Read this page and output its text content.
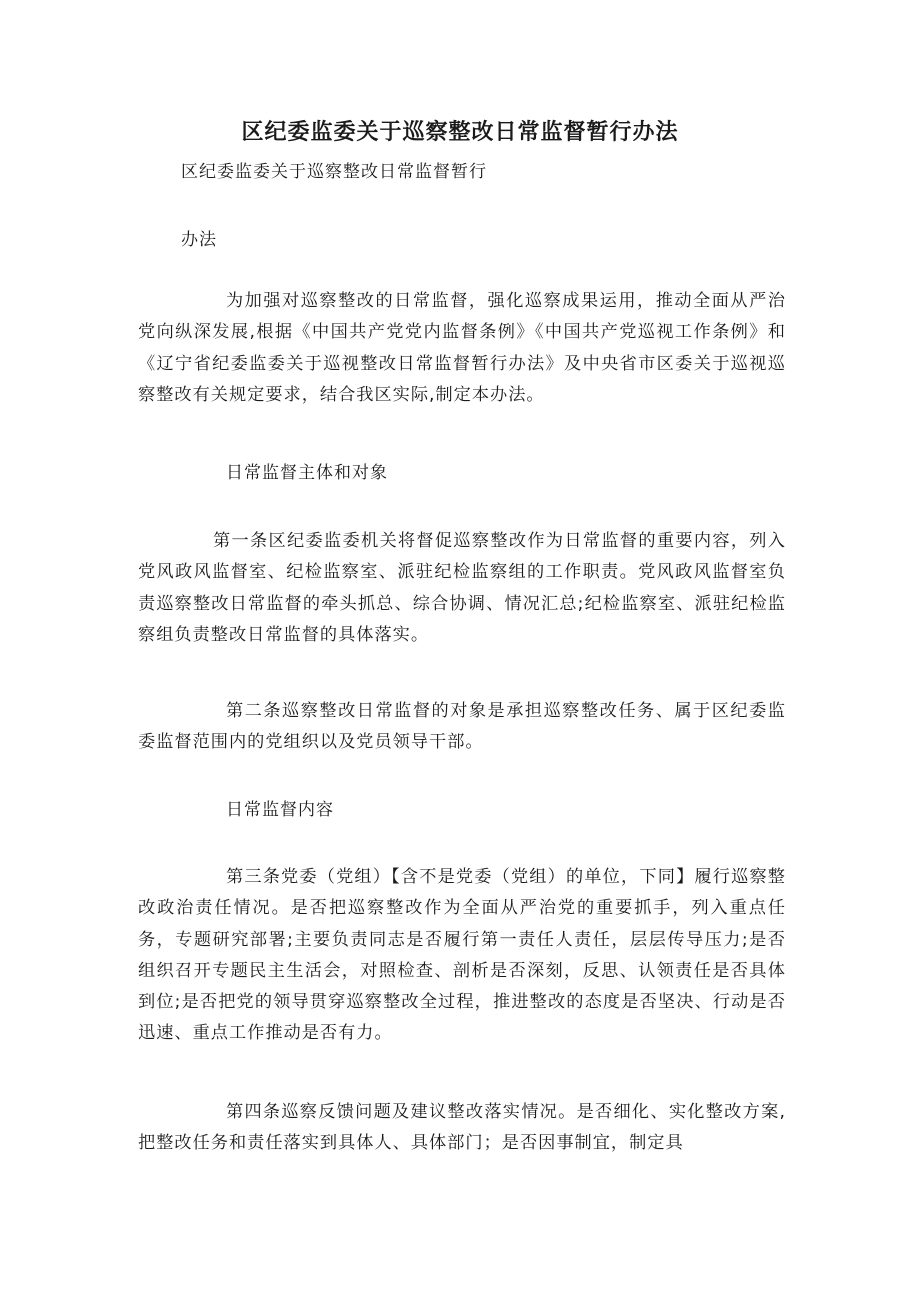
区纪委监委关于巡察整改日常监督暂行办法
区纪委监委关于巡察整改日常监督暂行
办法
为加强对巡察整改的日常监督，强化巡察成果运用，推动全面从严治党向纵深发展,根据《中国共产党党内监督条例》《中国共产党巡视工作条例》和《辽宁省纪委监委关于巡视整改日常监督暂行办法》及中央省市区委关于巡视巡察整改有关规定要求，结合我区实际,制定本办法。
日常监督主体和对象
第一条区纪委监委机关将督促巡察整改作为日常监督的重要内容，列入党风政风监督室、纪检监察室、派驻纪检监察组的工作职责。党风政风监督室负责巡察整改日常监督的牵头抓总、综合协调、情况汇总;纪检监察室、派驻纪检监察组负责整改日常监督的具体落实。
第二条巡察整改日常监督的对象是承担巡察整改任务、属于区纪委监委监督范围内的党组织以及党员领导干部。
日常监督内容
第三条党委（党组）【含不是党委（党组）的单位，下同】履行巡察整改政治责任情况。是否把巡察整改作为全面从严治党的重要抓手，列入重点任务，专题研究部署;主要负责同志是否履行第一责任人责任，层层传导压力;是否组织召开专题民主生活会，对照检查、剖析是否深刻，反思、认领责任是否具体到位;是否把党的领导贯穿巡察整改全过程，推进整改的态度是否坚决、行动是否迅速、重点工作推动是否有力。
第四条巡察反馈问题及建议整改落实情况。是否细化、实化整改方案,把整改任务和责任落实到具体人、具体部门；是否因事制宜，制定具
